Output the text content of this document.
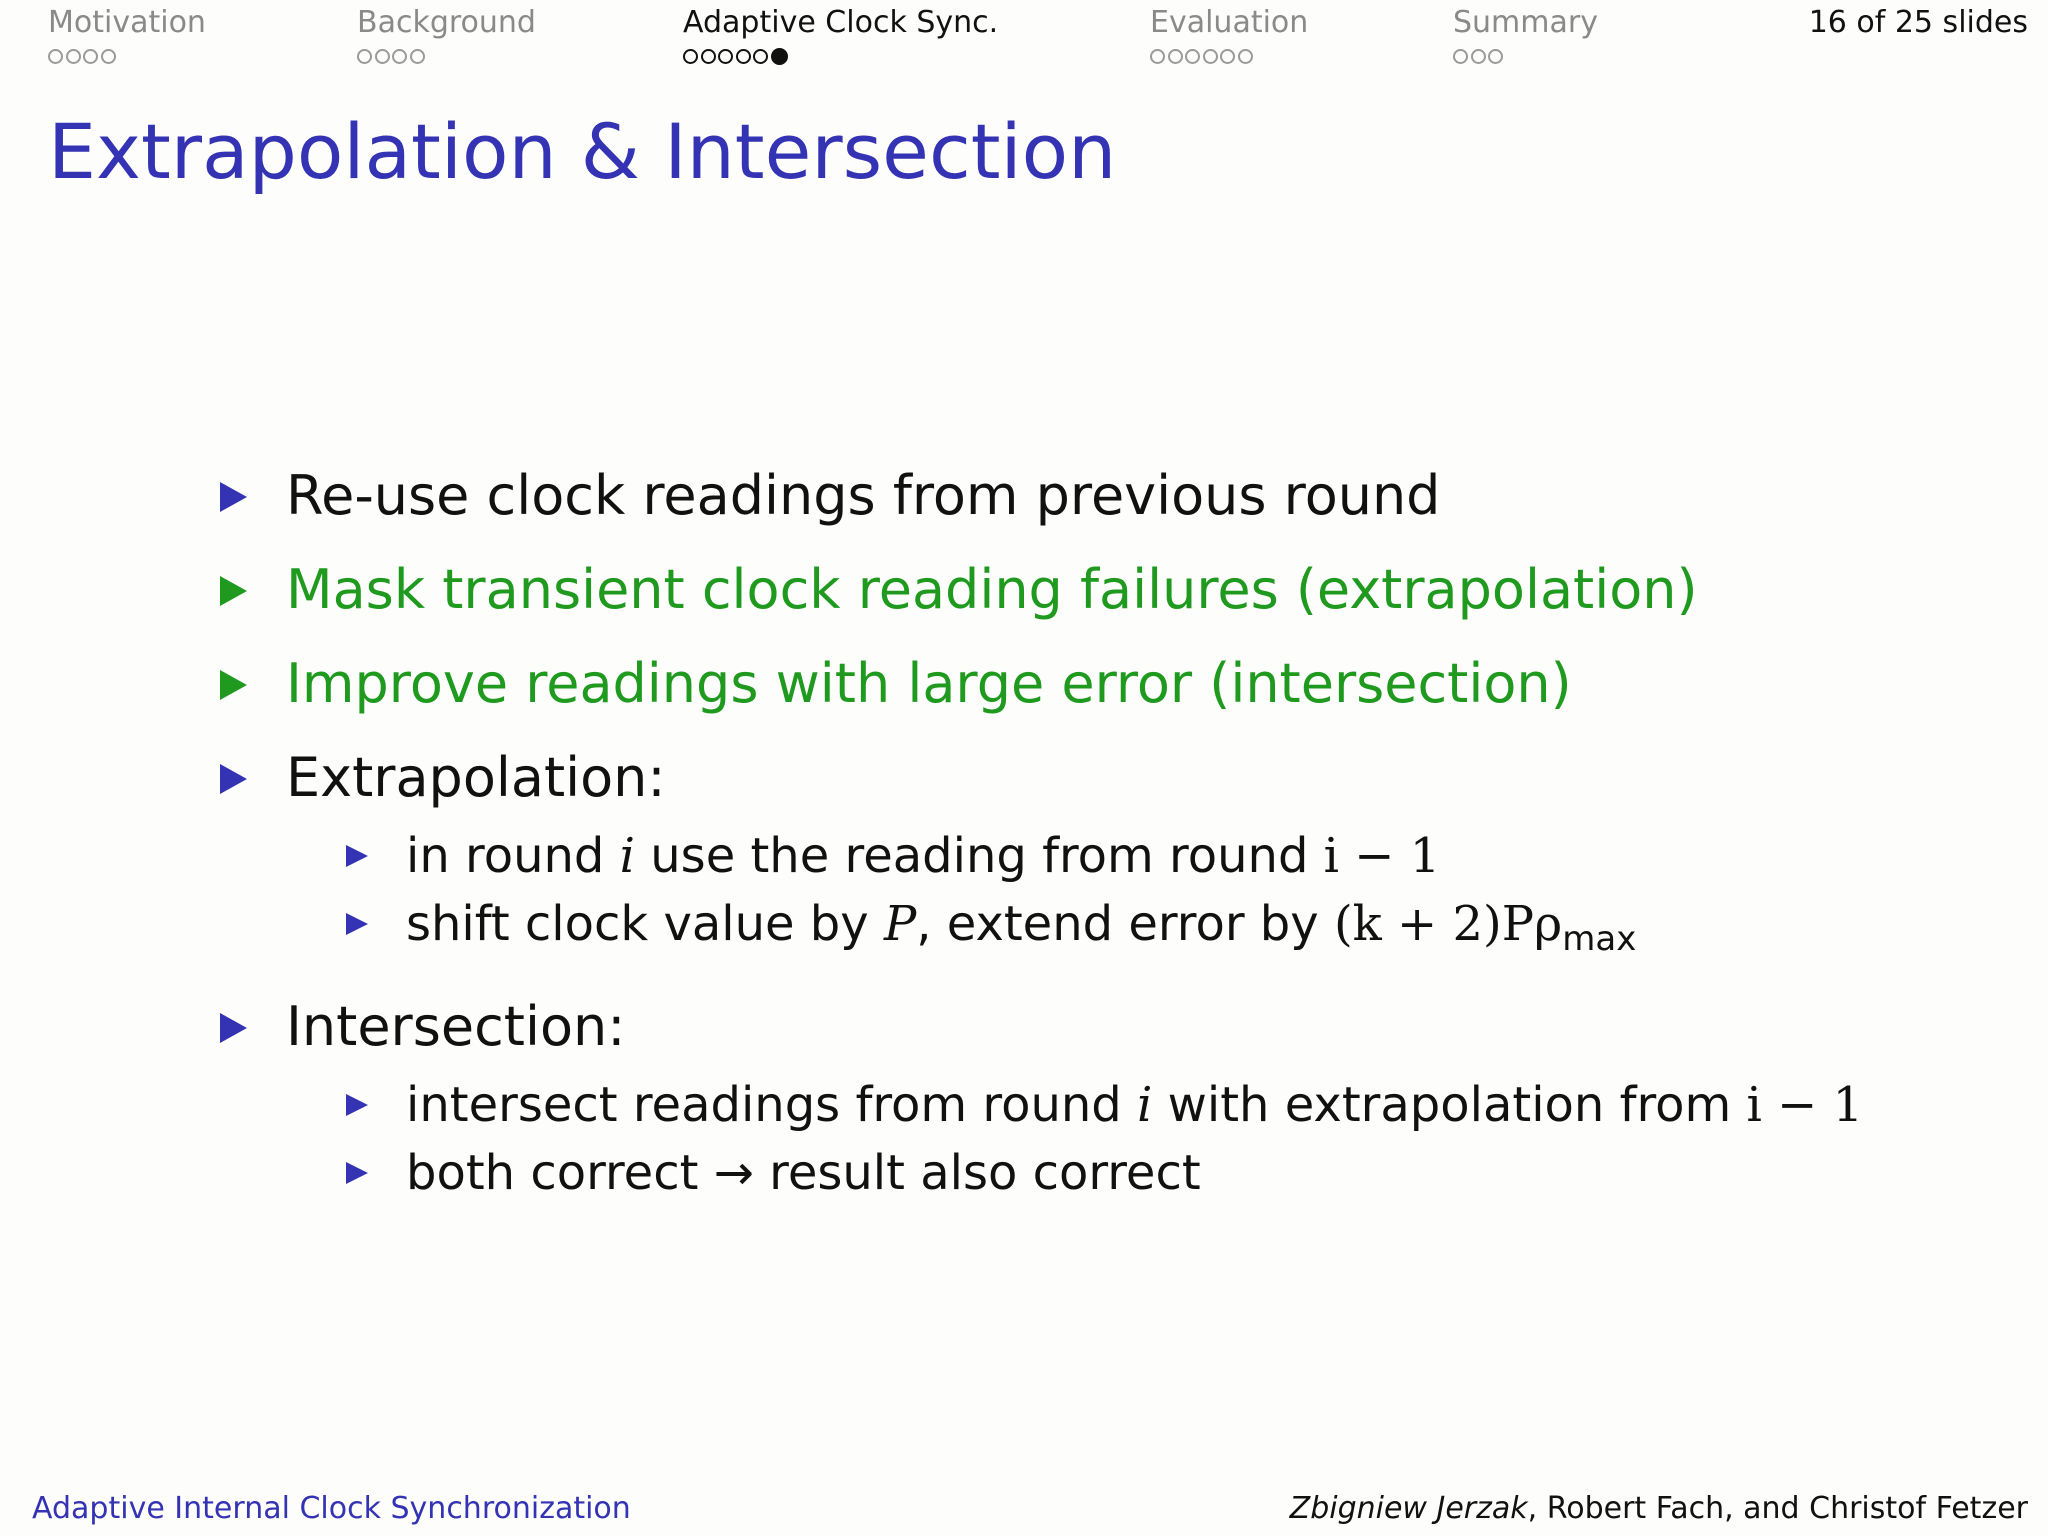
Motivation	Background	Adaptive Clock Sync.	Evaluation	Summary	16 of 25 slides
Extrapolation & Intersection
Re-use clock readings from previous round
Mask transient clock reading failures (extrapolation)
Improve readings with large error (intersection)
Extrapolation:
in round i use the reading from round i − 1
shift clock value by P, extend error by $(k + 2)P\rho_{max}$
Intersection:
intersect readings from round i with extrapolation from i − 1
both correct → result also correct
Adaptive Internal Clock Synchronization	Zbigniew Jerzak, Robert Fach, and Christof Fetzer
